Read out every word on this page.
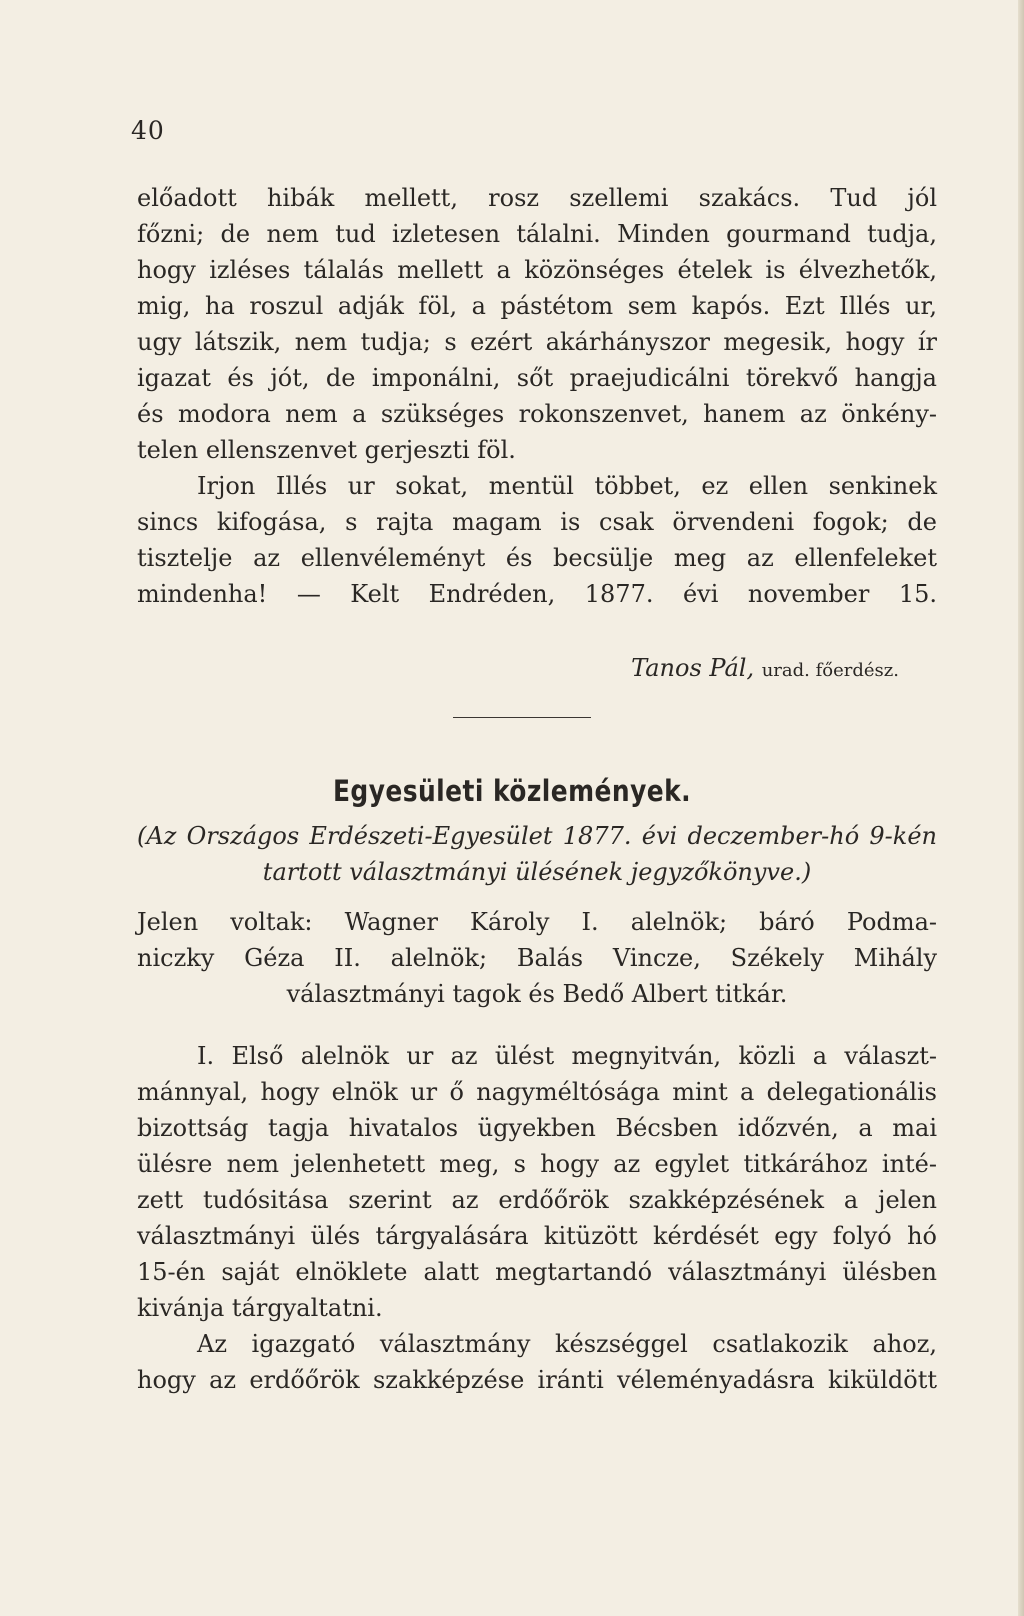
40
előadott hibák mellett, rosz szellemi szakács. Tud jól
főzni; de nem tud izletesen tálalni. Minden gourmand tudja,
hogy izléses tálalás mellett a közönséges ételek is élvezhetők,
mig, ha roszul adják föl, a pástétom sem kapós. Ezt Illés ur,
ugy látszik, nem tudja; s ezért akárhányszor megesik, hogy ír
igazat és jót, de imponálni, sőt praejudicálni törekvő hangja
és modora nem a szükséges rokonszenvet, hanem az önkény-
telen ellenszenvet gerjeszti föl.
Irjon Illés ur sokat, mentül többet, ez ellen senkinek
sincs kifogása, s rajta magam is csak örvendeni fogok; de
tisztelje az ellenvéleményt és becsülje meg az ellenfeleket
mindenha! — Kelt Endréden, 1877. évi november 15.
Tanos Pál, urad. főerdész.
Egyesületi közlemények.
(Az Országos Erdészeti-Egyesület 1877. évi deczember-hó 9-kén
tartott választmányi ülésének jegyzőkönyve.)
Jelen voltak: Wagner Károly I. alelnök; báró Podma-
niczky Géza II. alelnök; Balás Vincze, Székely Mihály
választmányi tagok és Bedő Albert titkár.
I. Első alelnök ur az ülést megnyitván, közli a választ-
mánnyal, hogy elnök ur ő nagyméltósága mint a delegationális
bizottság tagja hivatalos ügyekben Bécsben időzvén, a mai
ülésre nem jelenhetett meg, s hogy az egylet titkárához inté-
zett tudósitása szerint az erdőőrök szakképzésének a jelen
választmányi ülés tárgyalására kitüzött kérdését egy folyó hó
15-én saját elnöklete alatt megtartandó választmányi ülésben
kivánja tárgyaltatni.
Az igazgató választmány készséggel csatlakozik ahoz,
hogy az erdőőrök szakképzése iránti véleményadásra kiküldött
